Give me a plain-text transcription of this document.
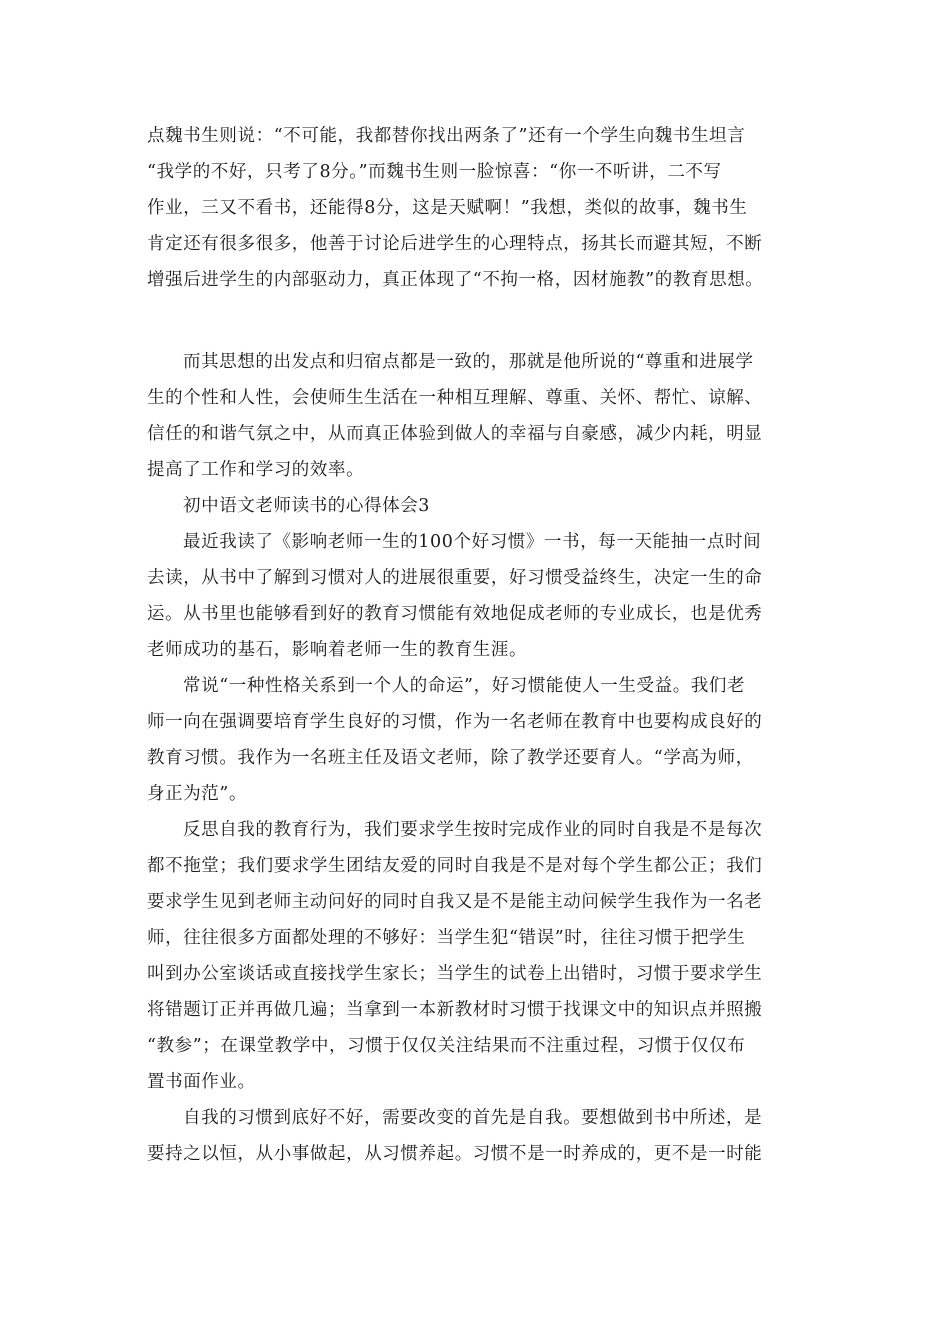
点魏书生则说：“不可能，我都替你找出两条了”还有一个学生向魏书生坦言
“我学的不好，只考了8分。”而魏书生则一脸惊喜：“你一不听讲，二不写
作业，三又不看书，还能得8分，这是天赋啊！”我想，类似的故事，魏书生
肯定还有很多很多，他善于讨论后进学生的心理特点，扬其长而避其短，不断
增强后进学生的内部驱动力，真正体现了“不拘一格，因材施教”的教育思想。
而其思想的出发点和归宿点都是一致的，那就是他所说的“尊重和进展学
生的个性和人性，会使师生生活在一种相互理解、尊重、关怀、帮忙、谅解、
信任的和谐气氛之中，从而真正体验到做人的幸福与自豪感，减少内耗，明显
提高了工作和学习的效率。
初中语文老师读书的心得体会3
最近我读了《影响老师一生的100个好习惯》一书，每一天能抽一点时间
去读，从书中了解到习惯对人的进展很重要，好习惯受益终生，决定一生的命
运。从书里也能够看到好的教育习惯能有效地促成老师的专业成长，也是优秀
老师成功的基石，影响着老师一生的教育生涯。
常说“一种性格关系到一个人的命运”，好习惯能使人一生受益。我们老
师一向在强调要培育学生良好的习惯，作为一名老师在教育中也要构成良好的
教育习惯。我作为一名班主任及语文老师，除了教学还要育人。“学高为师，
身正为范”。
反思自我的教育行为，我们要求学生按时完成作业的同时自我是不是每次
都不拖堂；我们要求学生团结友爱的同时自我是不是对每个学生都公正；我们
要求学生见到老师主动问好的同时自我又是不是能主动问候学生我作为一名老
师，往往很多方面都处理的不够好：当学生犯“错误”时，往往习惯于把学生
叫到办公室谈话或直接找学生家长；当学生的试卷上出错时，习惯于要求学生
将错题订正并再做几遍；当拿到一本新教材时习惯于找课文中的知识点并照搬
“教参”；在课堂教学中，习惯于仅仅关注结果而不注重过程，习惯于仅仅布
置书面作业。
自我的习惯到底好不好，需要改变的首先是自我。要想做到书中所述，是
要持之以恒，从小事做起，从习惯养起。习惯不是一时养成的，更不是一时能
